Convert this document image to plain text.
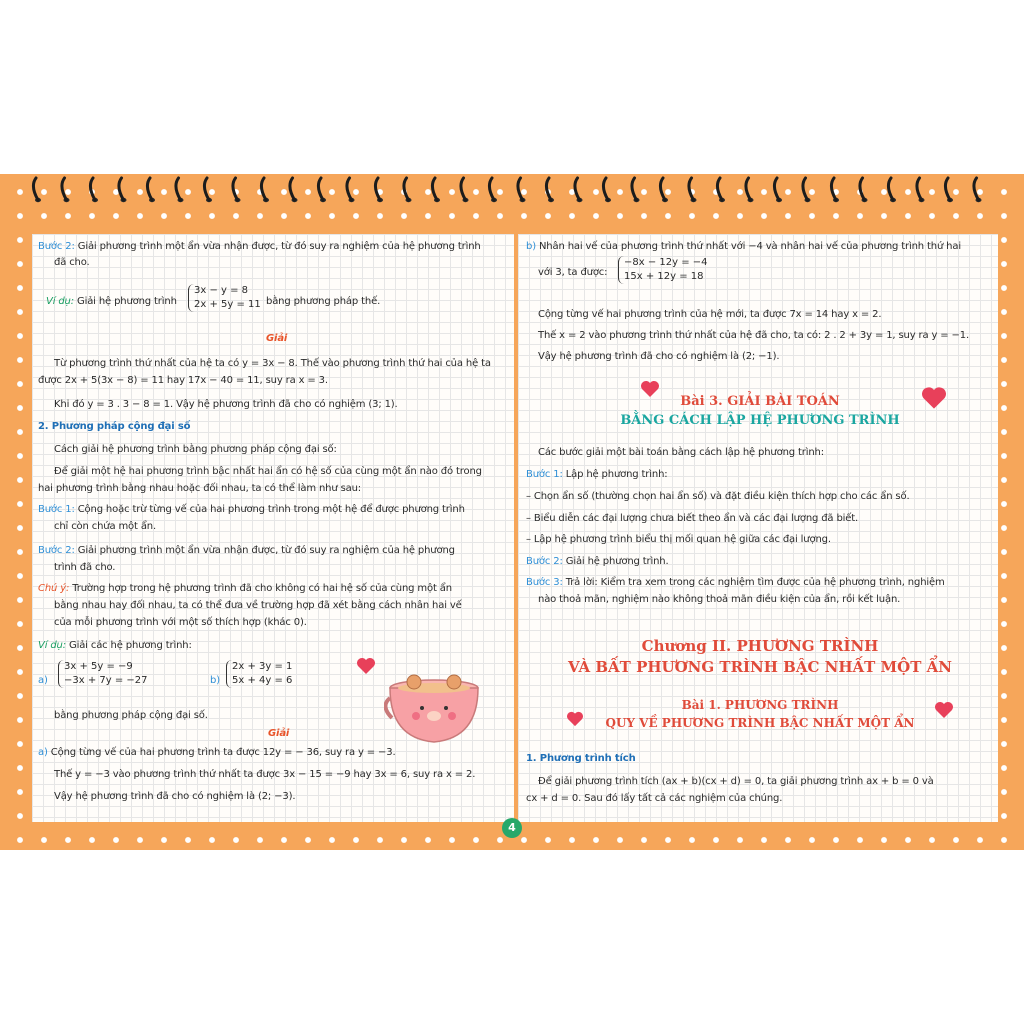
Bước 2: Giải phương trình một ẩn vừa nhận được, từ đó suy ra nghiệm của hệ phương trình
đã cho.
Ví dụ: Giải hệ phương trình
3x − y = 8
2x + 5y = 11 bằng phương pháp thế.
Giải
Từ phương trình thứ nhất của hệ ta có y = 3x − 8. Thế vào phương trình thứ hai của hệ ta
được 2x + 5(3x − 8) = 11 hay 17x − 40 = 11, suy ra x = 3.
Khi đó y = 3 . 3 − 8 = 1. Vậy hệ phương trình đã cho có nghiệm (3; 1).
2. Phương pháp cộng đại số
Cách giải hệ phương trình bằng phương pháp cộng đại số:
Để giải một hệ hai phương trình bậc nhất hai ẩn có hệ số của cùng một ẩn nào đó trong
hai phương trình bằng nhau hoặc đối nhau, ta có thể làm như sau:
Bước 1: Cộng hoặc trừ từng vế của hai phương trình trong một hệ để được phương trình
chỉ còn chứa một ẩn.
Bước 2: Giải phương trình một ẩn vừa nhận được, từ đó suy ra nghiệm của hệ phương
trình đã cho.
Chú ý: Trường hợp trong hệ phương trình đã cho không có hai hệ số của cùng một ẩn
bằng nhau hay đối nhau, ta có thể đưa về trường hợp đã xét bằng cách nhân hai vế
của mỗi phương trình với một số thích hợp (khác 0).
Ví dụ: Giải các hệ phương trình:
a)
3x + 5y = −9
−3x + 7y = −27	b)
2x + 3y = 1
5x + 4y = 6
bằng phương pháp cộng đại số.
Giải
a) Cộng từng vế của hai phương trình ta được 12y = − 36, suy ra y = −3.
Thế y = −3 vào phương trình thứ nhất ta được 3x − 15 = −9 hay 3x = 6, suy ra x = 2.
Vậy hệ phương trình đã cho có nghiệm là (2; −3).
b) Nhân hai vế của phương trình thứ nhất với −4 và nhân hai vế của phương trình thứ hai
với 3, ta được:
−8x − 12y = −4
15x + 12y = 18
Cộng từng vế hai phương trình của hệ mới, ta được 7x = 14 hay x = 2.
Thế x = 2 vào phương trình thứ nhất của hệ đã cho, ta có: 2 . 2 + 3y = 1, suy ra y = −1.
Vậy hệ phương trình đã cho có nghiệm là (2; −1).
Bài 3. GIẢI BÀI TOÁN
BẰNG CÁCH LẬP HỆ PHƯƠNG TRÌNH
Các bước giải một bài toán bằng cách lập hệ phương trình:
Bước 1: Lập hệ phương trình:
– Chọn ẩn số (thường chọn hai ẩn số) và đặt điều kiện thích hợp cho các ẩn số.
– Biểu diễn các đại lượng chưa biết theo ẩn và các đại lượng đã biết.
– Lập hệ phương trình biểu thị mối quan hệ giữa các đại lượng.
Bước 2: Giải hệ phương trình.
Bước 3: Trả lời: Kiểm tra xem trong các nghiệm tìm được của hệ phương trình, nghiệm
nào thoả mãn, nghiệm nào không thoả mãn điều kiện của ẩn, rồi kết luận.
Chương II. PHƯƠNG TRÌNH
VÀ BẤT PHƯƠNG TRÌNH BẬC NHẤT MỘT ẨN
Bài 1. PHƯƠNG TRÌNH
QUY VỀ PHƯƠNG TRÌNH BẬC NHẤT MỘT ẨN
1. Phương trình tích
Để giải phương trình tích (ax + b)(cx + d) = 0, ta giải phương trình ax + b = 0 và
cx + d = 0. Sau đó lấy tất cả các nghiệm của chúng.
4
